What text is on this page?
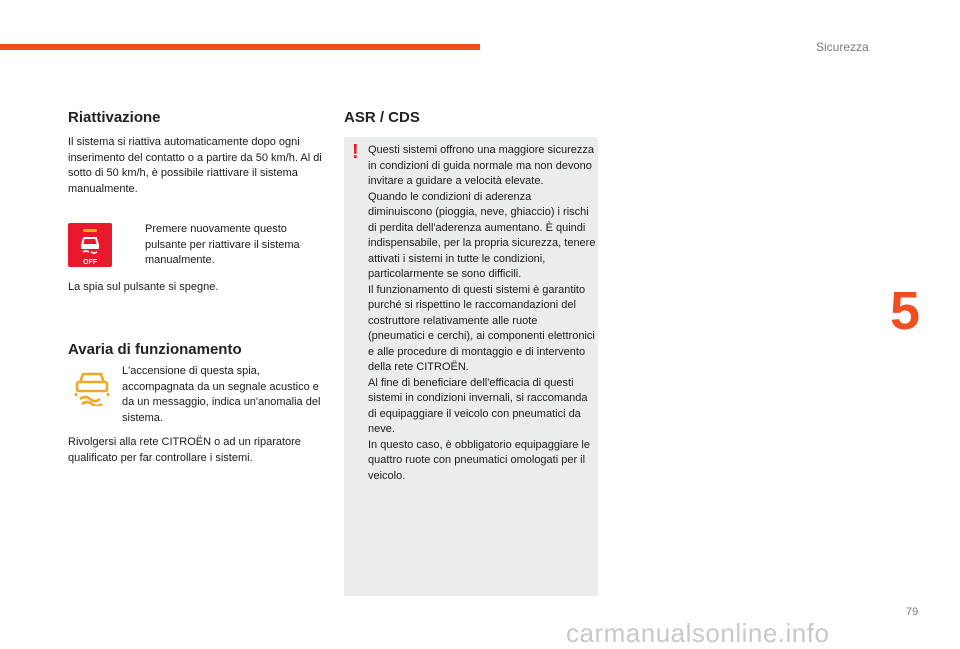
Sicurezza
5
79
Riattivazione

Il sistema si riattiva automaticamente dopo ogni inserimento del contatto o a partire da 50 km/h. Al di sotto di 50 km/h, è possibile riattivare il sistema manualmente.

OFF

Premere nuovamente questo pulsante per riattivare il sistema manualmente.

La spia sul pulsante si spegne.

Avaria di funzionamento

L'accensione di questa spia, accompagnata da un segnale acustico e da un messaggio, indica un'anomalia del sistema.

Rivolgersi alla rete CITROËN o ad un riparatore qualificato per far controllare i sistemi.

ASR / CDS
! Questi sistemi offrono una maggiore sicurezza in condizioni di guida normale ma non devono invitare a guidare a velocità elevate.
Quando le condizioni di aderenza diminuiscono (pioggia, neve, ghiaccio) i rischi di perdita dell'aderenza aumentano. È quindi indispensabile, per la propria sicurezza, tenere attivati i sistemi in tutte le condizioni, particolarmente se sono difficili.
Il funzionamento di questi sistemi è garantito purché si rispettino le raccomandazioni del costruttore relativamente alle ruote (pneumatici e cerchi), ai componenti elettronici e alle procedure di montaggio e di intervento della rete CITROËN.
Al fine di beneficiare dell'efficacia di questi sistemi in condizioni invernali, si raccomanda di equipaggiare il veicolo con pneumatici da neve.
In questo caso, è obbligatorio equipaggiare le quattro ruote con pneumatici omologati per il veicolo.

carmanualsonline.info
